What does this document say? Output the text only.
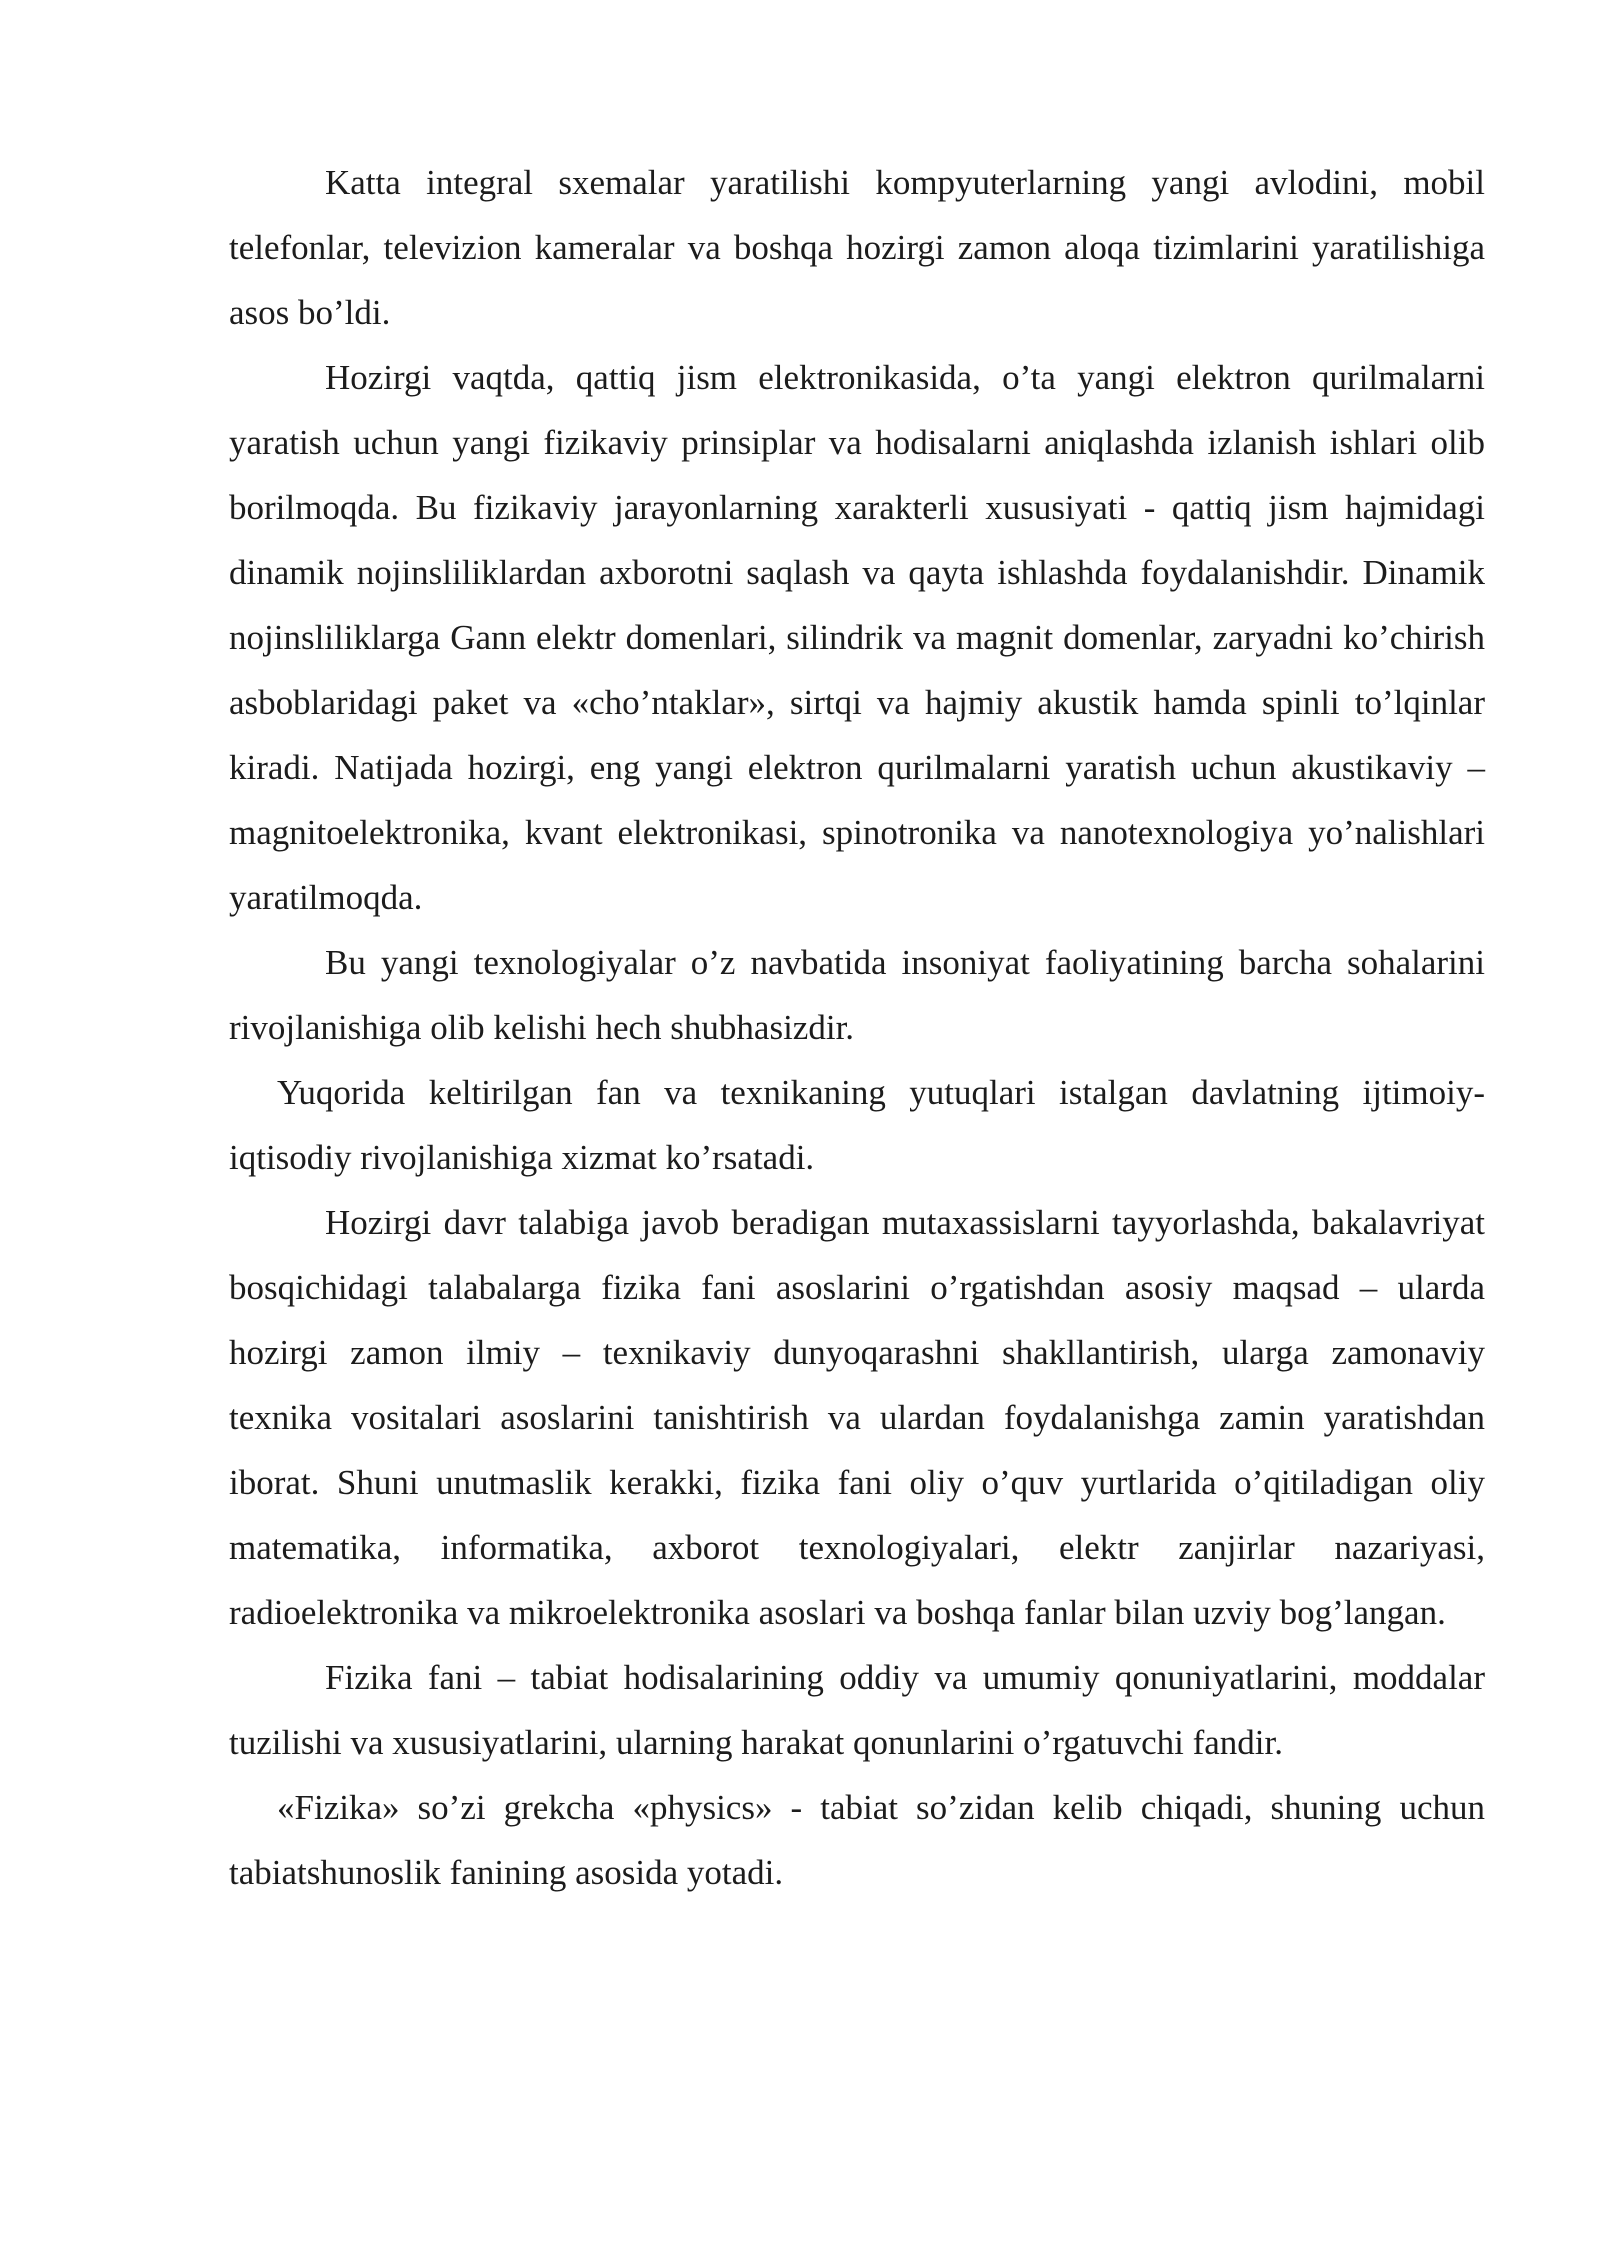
Katta integral sxemalar yaratilishi kompyuterlarning yangi avlodini, mobil telefonlar, televizion kameralar va boshqa hozirgi zamon aloqa tizimlarini yaratilishiga asos bo’ldi.

Hozirgi vaqtda, qattiq jism elektronikasida, o’ta yangi elektron qurilmalarni yaratish uchun yangi fizikaviy prinsiplar va hodisalarni aniqlashda izlanish ishlari olib borilmoqda. Bu fizikaviy jarayonlarning xarakterli xususiyati - qattiq jism hajmidagi dinamik nojinsliliklardan axborotni saqlash va qayta ishlashda foydalanishdir. Dinamik nojinsliliklarga Gann elektr domenlari, silindrik va magnit domenlar, zaryadni ko’chirish asboblaridagi paket va «cho’ntaklar», sirtqi va hajmiy akustik hamda spinli to’lqinlar kiradi. Natijada hozirgi, eng yangi elektron qurilmalarni yaratish uchun akustikaviy – magnitoelektronika, kvant elektronikasi, spinotronika va nanotexnologiya yo’nalishlari yaratilmoqda.

Bu yangi texnologiyalar o’z navbatida insoniyat faoliyatining barcha sohalarini rivojlanishiga olib kelishi hech shubhasizdir.

Yuqorida keltirilgan fan va texnikaning yutuqlari istalgan davlatning ijtimoiy-iqtisodiy rivojlanishiga xizmat ko’rsatadi.

Hozirgi davr talabiga javob beradigan mutaxassislarni tayyorlashda, bakalavriyat bosqichidagi talabalarga fizika fani asoslarini o’rgatishdan asosiy maqsad – ularda hozirgi zamon ilmiy – texnikaviy dunyoqarashni shakllantirish, ularga zamonaviy texnika vositalari asoslarini tanishtirish va ulardan foydalanishga zamin yaratishdan iborat. Shuni unutmaslik kerakki, fizika fani oliy o’quv yurtlarida o’qitiladigan oliy matematika, informatika, axborot texnologiyalari, elektr zanjirlar nazariyasi, radioelektronika va mikroelektronika asoslari va boshqa fanlar bilan uzviy bog’langan.

Fizika fani – tabiat hodisalarining oddiy va umumiy qonuniyatlarini, moddalar tuzilishi va xususiyatlarini, ularning harakat qonunlarini o’rgatuvchi fandir.

«Fizika» so’zi grekcha «physics» - tabiat so’zidan kelib chiqadi, shuning uchun tabiatshunoslik fanining asosida yotadi.
